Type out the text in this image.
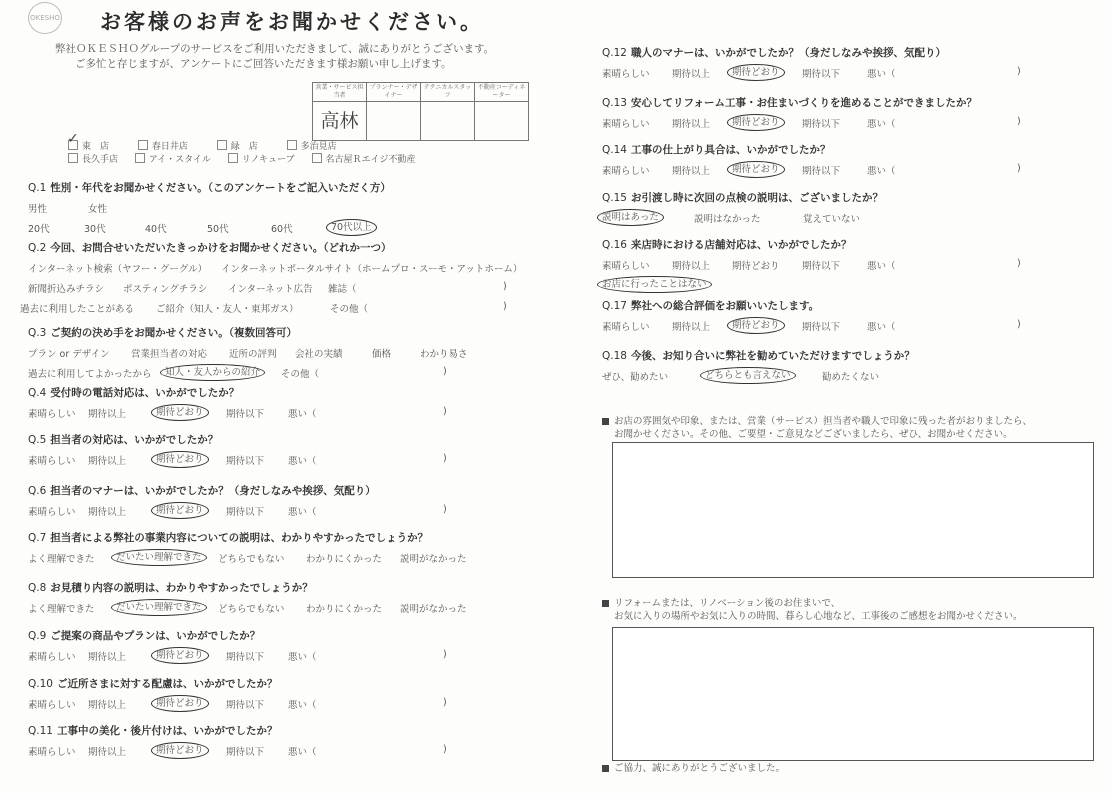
OKESHO お客様のお声をお聞かせください。
弊社ＯＫＥＳＨＯグループのサービスをご利用いただきまして、誠にありがとうございます。
ご多忙と存じますが、アンケートにご回答いただきます様お願い申し上げます。
営業・サービス担当者	プランナー・デザイナー	テクニカルスタッフ	不動産コーディネーター
高林			
✓東　店	春日井店	緑　店	多治見店
長久手店	アイ・スタイル	リノキューブ	名古屋Ｒエイジ不動産
Q.1 性別・年代をお聞かせください。（このアンケートをご記入いただく方）
男性	女性
20代	30代	40代	50代	60代	70代以上
Q.2 今回、お問合せいただいたきっかけをお聞かせください。（どれか一つ）
インターネット検索（ヤフー・グーグル） インターネットポータルサイト（ホームプロ・スーモ・アットホーム）
新聞折込みチラシ ポスティングチラシ インターネット広告 雑誌（	)
過去に利用したことがある ご紹介（知人・友人・東邦ガス）	その他（	)
Q.3 ご契約の決め手をお聞かせください。（複数回答可）
プラン or デザイン 営業担当者の対応 近所の評判 会社の実績	価格	わかり易さ
過去に利用してよかったから	知人・友人からの紹介	その他（	)
Q.4 受付時の電話対応は、いかがでしたか？
素晴らしい 期待以上	期待どおり	期待以下	悪い（	)
Q.5 担当者の対応は、いかがでしたか？
素晴らしい 期待以上	期待どおり	期待以下	悪い（	)
Q.6 担当者のマナーは、いかがでしたか？（身だしなみや挨拶、気配り）
素晴らしい 期待以上	期待どおり	期待以下	悪い（	)
Q.7 担当者による弊社の事業内容についての説明は、わかりやすかったでしょうか？
よく理解できた	だいたい理解できた	どちらでもない わかりにくかった 説明がなかった
Q.8 お見積り内容の説明は、わかりやすかったでしょうか？
よく理解できた	だいたい理解できた	どちらでもない わかりにくかった 説明がなかった
Q.9 ご提案の商品やプランは、いかがでしたか？
素晴らしい 期待以上	期待どおり	期待以下	悪い（	)
Q.10 ご近所さまに対する配慮は、いかがでしたか？
素晴らしい 期待以上	期待どおり	期待以下	悪い（	)
Q.11 工事中の美化・後片付けは、いかがでしたか？
素晴らしい 期待以上	期待どおり	期待以下	悪い（	)
Q.12 職人のマナーは、いかがでしたか？（身だしなみや挨拶、気配り）
素晴らしい 期待以上	期待どおり	期待以下	悪い（	)
Q.13 安心してリフォーム工事・お住まいづくりを進めることができましたか？
素晴らしい 期待以上	期待どおり	期待以下	悪い（	)
Q.14 工事の仕上がり具合は、いかがでしたか？
素晴らしい 期待以上	期待どおり	期待以下	悪い（	)
Q.15 お引渡し時に次回の点検の説明は、ございましたか？
説明はあった	説明はなかった	覚えていない
Q.16 来店時における店舗対応は、いかがでしたか？
素晴らしい 期待以上 期待どおり 期待以下	悪い（	)
お店に行ったことはない
Q.17 弊社への総合評価をお願いいたします。
素晴らしい 期待以上	期待どおり	期待以下	悪い（	)
Q.18 今後、お知り合いに弊社を勧めていただけますでしょうか？
ぜひ、勧めたい	どちらとも言えない	勧めたくない
お店の雰囲気や印象、または、営業（サービス）担当者や職人で印象に残った者がおりましたら、
お聞かせください。その他、ご要望・ご意見などございましたら、ぜひ、お聞かせください。
リフォームまたは、リノベーション後のお住まいで、
お気に入りの場所やお気に入りの時間、暮らし心地など、工事後のご感想をお聞かせください。
ご協力、誠にありがとうございました。
